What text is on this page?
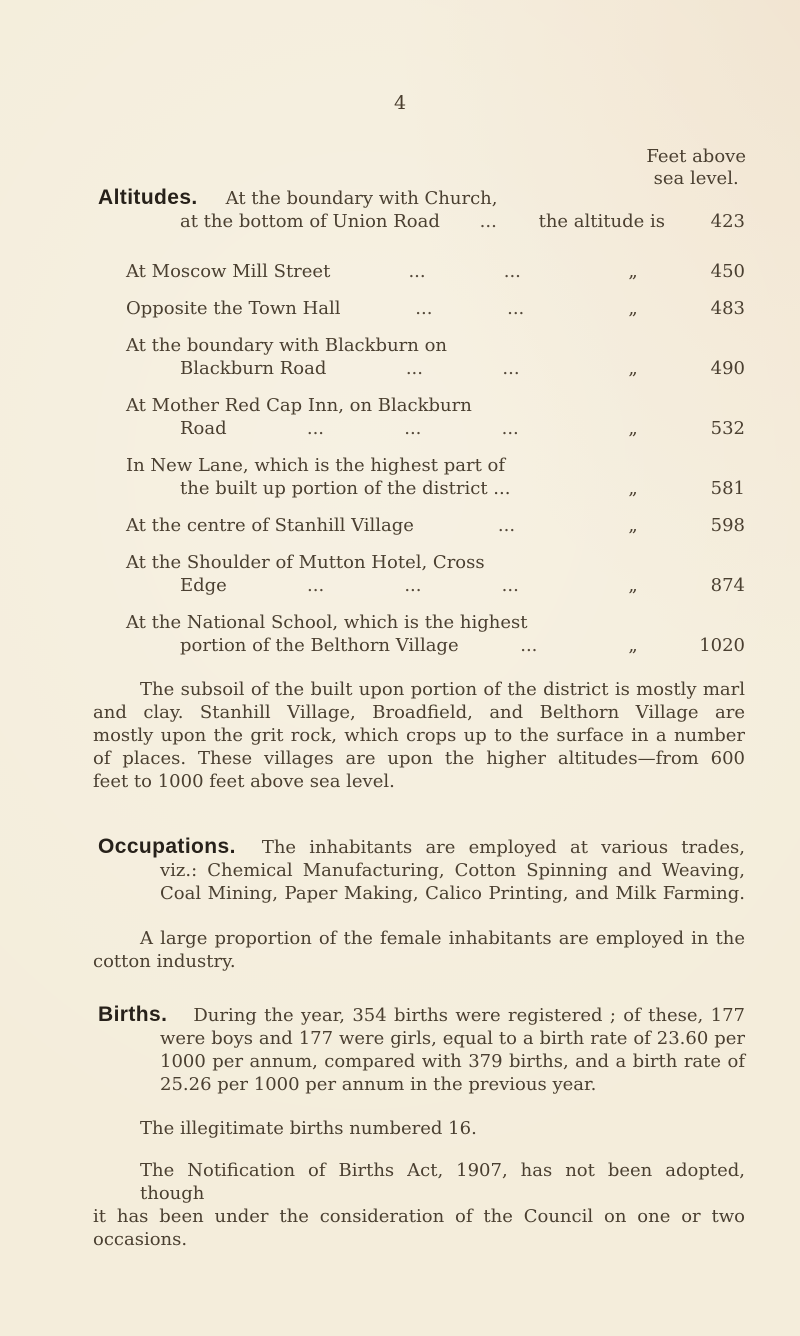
4
Feet above
sea level.
Altitudes. At the boundary with Church,
at the bottom of Union Road ... the altitude is	423
At Moscow Mill Street	...	...	„	450
Opposite the Town Hall	...	...	„	483
At the boundary with Blackburn on
Blackburn Road	...	...	„	490
At Mother Red Cap Inn, on Blackburn
Road	...	...	...	„	532
In New Lane, which is the highest part of
the built up portion of the district ...	„	581
At the centre of Stanhill Village	...	„	598
At the Shoulder of Mutton Hotel, Cross
Edge	...	...	...	„	874
At the National School, which is the highest
portion of the Belthorn Village	...	„	1020
The subsoil of the built upon portion of the district is mostly marl
and clay. Stanhill Village, Broadfield, and Belthorn Village are
mostly upon the grit rock, which crops up to the surface in a number
of places. These villages are upon the higher altitudes—from 600
feet to 1000 feet above sea level.
Occupations. The inhabitants are employed at various trades,
viz.: Chemical Manufacturing, Cotton Spinning and Weaving,
Coal Mining, Paper Making, Calico Printing, and Milk Farming.
A large proportion of the female inhabitants are employed in the
cotton industry.
Births. During the year, 354 births were registered ; of these, 177
were boys and 177 were girls, equal to a birth rate of 23.60 per
1000 per annum, compared with 379 births, and a birth rate of
25.26 per 1000 per annum in the previous year.
The illegitimate births numbered 16.
The Notification of Births Act, 1907, has not been adopted, though
it has been under the consideration of the Council on one or two
occasions.
